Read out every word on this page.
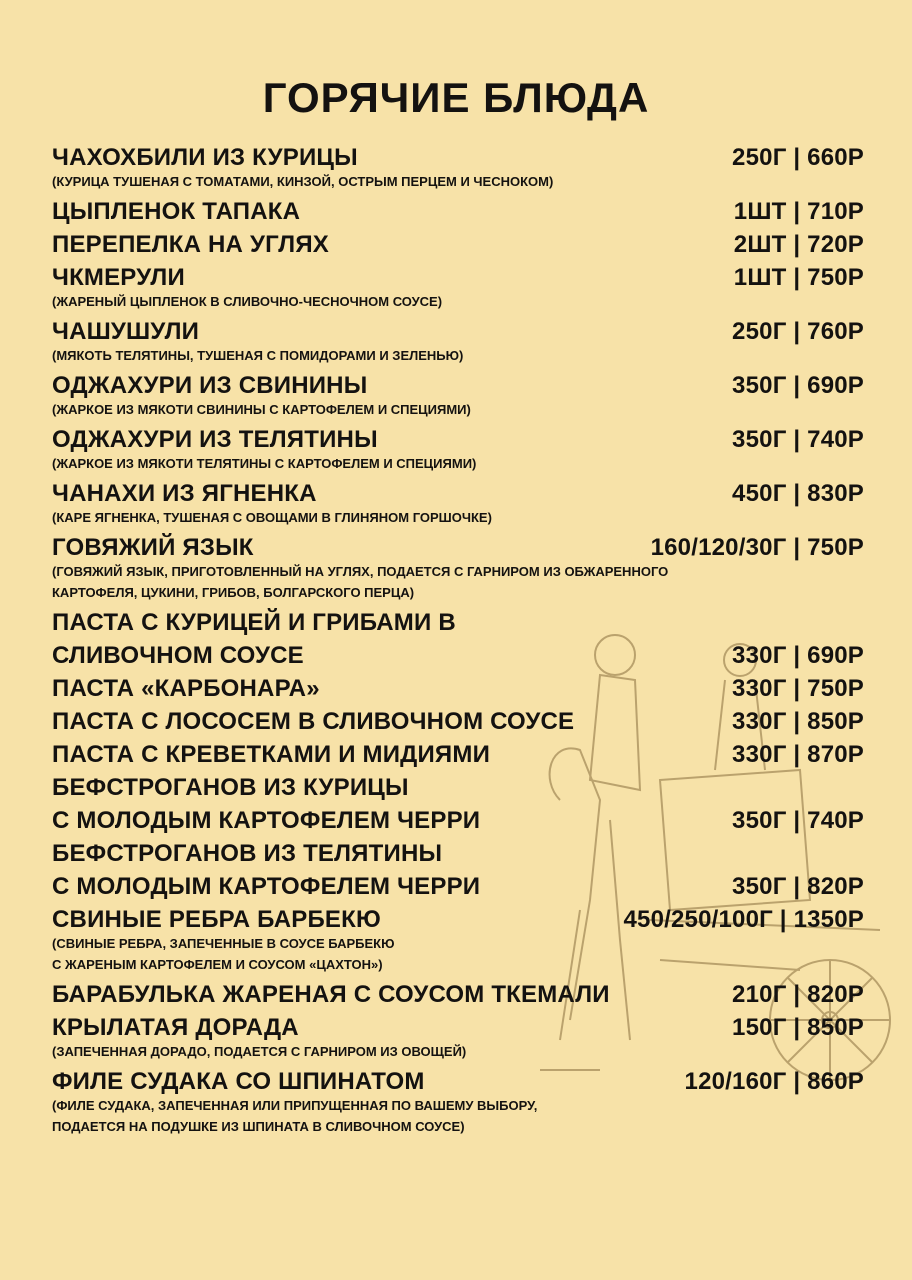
ГОРЯЧИЕ БЛЮДА
ЧАХОХБИЛИ ИЗ КУРИЦЫ	250Г | 660Р
(КУРИЦА ТУШЕНАЯ С ТОМАТАМИ, КИНЗОЙ, ОСТРЫМ ПЕРЦЕМ И ЧЕСНОКОМ)
ЦЫПЛЕНОК ТАПАКА	1ШТ | 710Р
ПЕРЕПЕЛКА НА УГЛЯХ	2ШТ | 720Р
ЧКМЕРУЛИ	1ШТ | 750Р
(ЖАРЕНЫЙ ЦЫПЛЕНОК В СЛИВОЧНО-ЧЕСНОЧНОМ СОУСЕ)
ЧАШУШУЛИ	250Г | 760Р
(МЯКОТЬ ТЕЛЯТИНЫ, ТУШЕНАЯ С ПОМИДОРАМИ И ЗЕЛЕНЬЮ)
ОДЖАХУРИ ИЗ СВИНИНЫ	350Г | 690Р
(ЖАРКОЕ ИЗ МЯКОТИ СВИНИНЫ С КАРТОФЕЛЕМ И СПЕЦИЯМИ)
ОДЖАХУРИ ИЗ ТЕЛЯТИНЫ	350Г | 740Р
(ЖАРКОЕ ИЗ МЯКОТИ ТЕЛЯТИНЫ С КАРТОФЕЛЕМ И СПЕЦИЯМИ)
ЧАНАХИ ИЗ ЯГНЕНКА	450Г | 830Р
(КАРЕ ЯГНЕНКА, ТУШЕНАЯ С ОВОЩАМИ В ГЛИНЯНОМ ГОРШОЧКЕ)
ГОВЯЖИЙ ЯЗЫК	160/120/30Г | 750Р
(ГОВЯЖИЙ ЯЗЫК, ПРИГОТОВЛЕННЫЙ НА УГЛЯХ, ПОДАЕТСЯ С ГАРНИРОМ ИЗ ОБЖАРЕННОГО
КАРТОФЕЛЯ, ЦУКИНИ, ГРИБОВ, БОЛГАРСКОГО ПЕРЦА)
ПАСТА С КУРИЦЕЙ И ГРИБАМИ В
СЛИВОЧНОМ СОУСЕ	330Г | 690Р
ПАСТА «КАРБОНАРА»	330Г | 750Р
ПАСТА С ЛОСОСЕМ В СЛИВОЧНОМ СОУСЕ	330Г | 850Р
ПАСТА С КРЕВЕТКАМИ И МИДИЯМИ	330Г | 870Р
БЕФСТРОГАНОВ ИЗ КУРИЦЫ
С МОЛОДЫМ КАРТОФЕЛЕМ ЧЕРРИ	350Г | 740Р
БЕФСТРОГАНОВ ИЗ ТЕЛЯТИНЫ
С МОЛОДЫМ КАРТОФЕЛЕМ ЧЕРРИ	350Г | 820Р
СВИНЫЕ РЕБРА БАРБЕКЮ	450/250/100Г | 1350Р
(СВИНЫЕ РЕБРА, ЗАПЕЧЕННЫЕ В СОУСЕ БАРБЕКЮ
С ЖАРЕНЫМ КАРТОФЕЛЕМ И СОУСОМ «ЦАХТОН»)
БАРАБУЛЬКА ЖАРЕНАЯ С СОУСОМ ТКЕМАЛИ	210Г | 820Р
КРЫЛАТАЯ ДОРАДА	150Г | 850Р
(ЗАПЕЧЕННАЯ ДОРАДО, ПОДАЕТСЯ С ГАРНИРОМ ИЗ ОВОЩЕЙ)
ФИЛЕ СУДАКА СО ШПИНАТОМ	120/160Г | 860Р
(ФИЛЕ СУДАКА, ЗАПЕЧЕННАЯ ИЛИ ПРИПУЩЕННАЯ ПО ВАШЕМУ ВЫБОРУ,
ПОДАЕТСЯ НА ПОДУШКЕ ИЗ ШПИНАТА В СЛИВОЧНОМ СОУСЕ)
